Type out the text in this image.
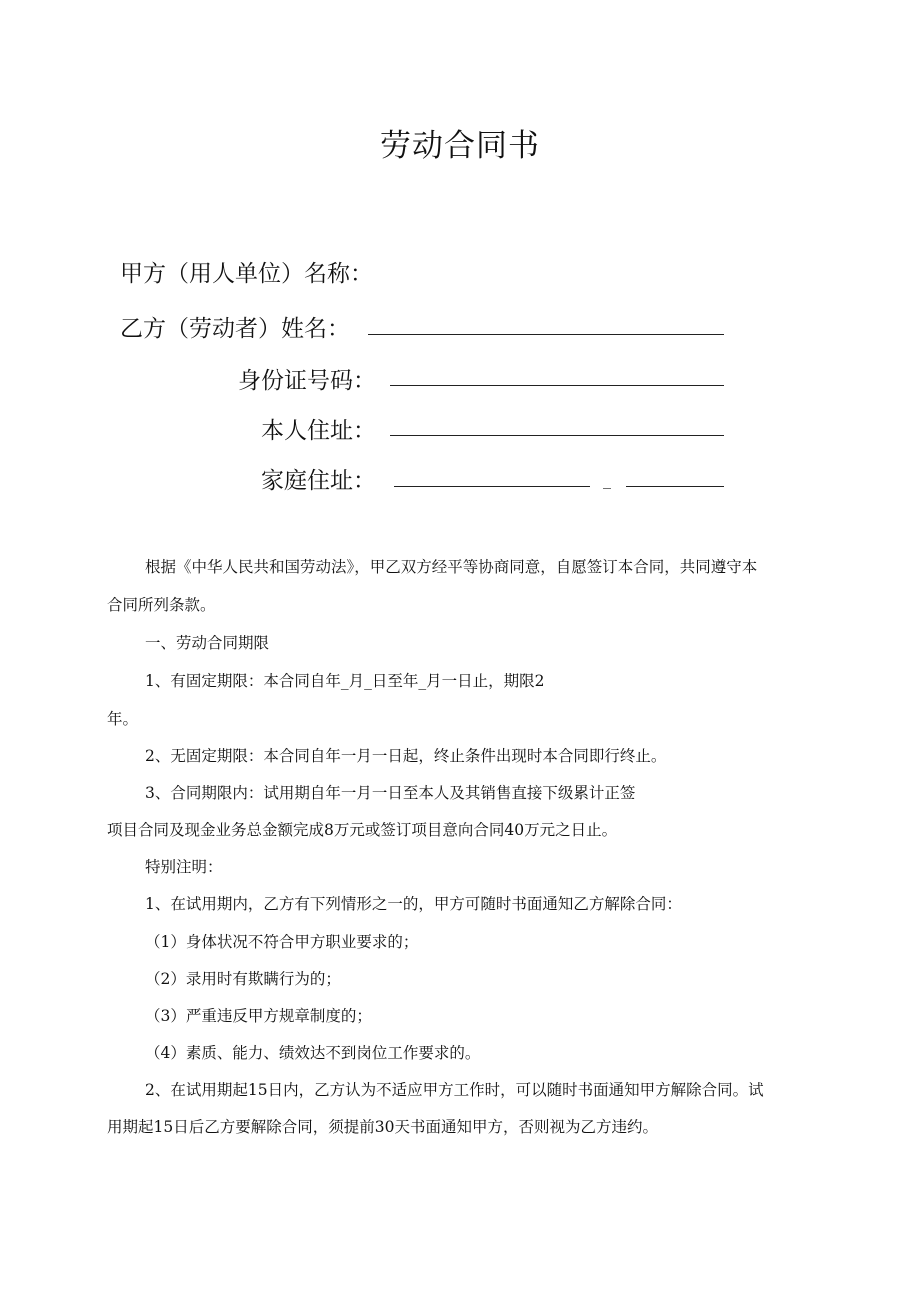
劳动合同书
甲方（用人单位）名称：
乙方（劳动者）姓名：
身份证号码：
本人住址：
家庭住址：	_
根据《中华人民共和国劳动法》，甲乙双方经平等协商同意，自愿签订本合同，共同遵守本
合同所列条款。
一、劳动合同期限
1、有固定期限：本合同自年_月_日至年_月一日止，期限2
年。
2、无固定期限：本合同自年一月一日起，终止条件出现时本合同即行终止。
3、合同期限内：试用期自年一月一日至本人及其销售直接下级累计正签
项目合同及现金业务总金额完成8万元或签订项目意向合同40万元之日止。
特别注明：
1、在试用期内，乙方有下列情形之一的，甲方可随时书面通知乙方解除合同：
（1）身体状况不符合甲方职业要求的；
（2）录用时有欺瞒行为的；
（3）严重违反甲方规章制度的；
（4）素质、能力、绩效达不到岗位工作要求的。
2、在试用期起15日内，乙方认为不适应甲方工作时，可以随时书面通知甲方解除合同。试
用期起15日后乙方要解除合同，须提前30天书面通知甲方，否则视为乙方违约。
